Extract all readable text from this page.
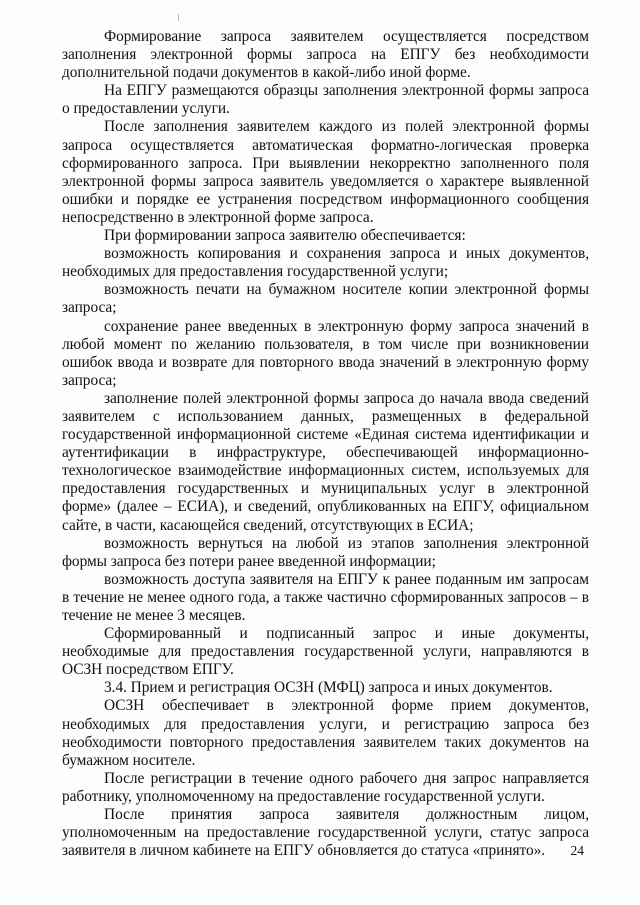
Формирование запроса заявителем осуществляется посредством заполнения электронной формы запроса на ЕПГУ без необходимости дополнительной подачи документов в какой-либо иной форме.

На ЕПГУ размещаются образцы заполнения электронной формы запроса о предоставлении услуги.

После заполнения заявителем каждого из полей электронной формы запроса осуществляется автоматическая форматно-логическая проверка сформированного запроса. При выявлении некорректно заполненного поля электронной формы запроса заявитель уведомляется о характере выявленной ошибки и порядке ее устранения посредством информационного сообщения непосредственно в электронной форме запроса.

При формировании запроса заявителю обеспечивается:

возможность копирования и сохранения запроса и иных документов, необходимых для предоставления государственной услуги;

возможность печати на бумажном носителе копии электронной формы запроса;

сохранение ранее введенных в электронную форму запроса значений в любой момент по желанию пользователя, в том числе при возникновении ошибок ввода и возврате для повторного ввода значений в электронную форму запроса;

заполнение полей электронной формы запроса до начала ввода сведений заявителем с использованием данных, размещенных в федеральной государственной информационной системе «Единая система идентификации и аутентификации в инфраструктуре, обеспечивающей информационно-технологическое взаимодействие информационных систем, используемых для предоставления государственных и муниципальных услуг в электронной форме» (далее – ЕСИА), и сведений, опубликованных на ЕПГУ, официальном сайте, в части, касающейся сведений, отсутствующих в ЕСИА;

возможность вернуться на любой из этапов заполнения электронной формы запроса без потери ранее введенной информации;

возможность доступа заявителя на ЕПГУ к ранее поданным им запросам в течение не менее одного года, а также частично сформированных запросов – в течение не менее 3 месяцев.

Сформированный и подписанный запрос и иные документы, необходимые для предоставления государственной услуги, направляются в ОСЗН посредством ЕПГУ.

3.4. Прием и регистрация ОСЗН (МФЦ) запроса и иных документов.

ОСЗН обеспечивает в электронной форме прием документов, необходимых для предоставления услуги, и регистрацию запроса без необходимости повторного предоставления заявителем таких документов на бумажном носителе.

После регистрации в течение одного рабочего дня запрос направляется работнику, уполномоченному на предоставление государственной услуги.

После принятия запроса заявителя должностным лицом, уполномоченным на предоставление государственной услуги, статус запроса заявителя в личном кабинете на ЕПГУ обновляется до статуса «принято».	24
